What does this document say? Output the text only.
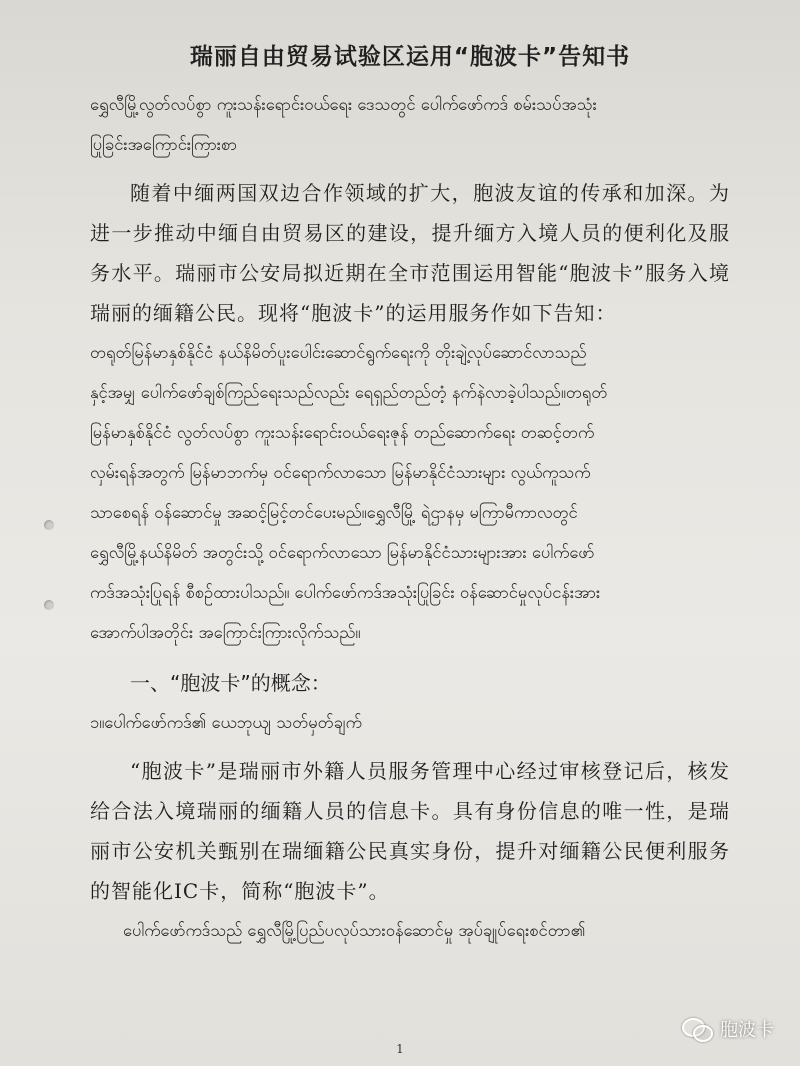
瑞丽自由贸易试验区运用“胞波卡”告知书

ရွှေလီမြို့လွတ်လပ်စွာ ကူးသန်းရောင်းဝယ်ရေး ဒေသတွင် ပေါက်ဖော်ကဒ် စမ်းသပ်အသုံး

ပြုခြင်းအကြောင်းကြားစာ

随着中缅两国双边合作领域的扩大，胞波友谊的传承和加深。为进一步推动中缅自由贸易区的建设，提升缅方入境人员的便利化及服务水平。瑞丽市公安局拟近期在全市范围运用智能“胞波卡”服务入境瑞丽的缅籍公民。现将“胞波卡”的运用服务作如下告知：

တရုတ်မြန်မာနှစ်နိုင်ငံ နယ်နိမိတ်ပူးပေါင်းဆောင်ရွက်ရေးကို တိုးချဲ့လုပ်ဆောင်လာသည်

နှင့်အမျှ ပေါက်ဖော်ချစ်ကြည်ရေးသည်လည်း ရေရှည်တည်တံ့ နက်နဲလာခဲ့ပါသည်။တရုတ်

မြန်မာနှစ်နိုင်ငံ လွတ်လပ်စွာ ကူးသန်းရောင်းဝယ်ရေးဇုန် တည်ဆောက်ရေး တဆင့်တက်

လှမ်းရန်အတွက် မြန်မာဘက်မှ ဝင်ရောက်လာသော မြန်မာနိုင်ငံသားများ လွယ်ကူသက်

သာစေရန် ဝန်ဆောင်မှု အဆင့်မြင့်တင်ပေးမည်။ရွှေလီမြို့ ရဲဌာနမှ မကြာမီကာလတွင်

ရွှေလီမြို့နယ်နိမိတ် အတွင်းသို့ ဝင်ရောက်လာသော မြန်မာနိုင်ငံသားများအား ပေါက်ဖော်

ကဒ်အသုံးပြုရန် စီစဉ်ထားပါသည်။ ပေါက်ဖော်ကဒ်အသုံးပြုခြင်း ဝန်ဆောင်မှုလုပ်ငန်းအား

အောက်ပါအတိုင်း အကြောင်းကြားလိုက်သည်။

一、“胞波卡”的概念：

၁။ပေါက်ဖော်ကဒ်၏ ယေဘုယျ သတ်မှတ်ချက်

“胞波卡”是瑞丽市外籍人员服务管理中心经过审核登记后，核发给合法入境瑞丽的缅籍人员的信息卡。具有身份信息的唯一性，是瑞丽市公安机关甄别在瑞缅籍公民真实身份，提升对缅籍公民便利服务的智能化IC卡，简称“胞波卡”。

ပေါက်ဖော်ကဒ်သည် ရွှေလီမြို့ပြည်ပလုပ်သားဝန်ဆောင်မှု အုပ်ချုပ်ရေးစင်တာ၏

1
胞波卡
